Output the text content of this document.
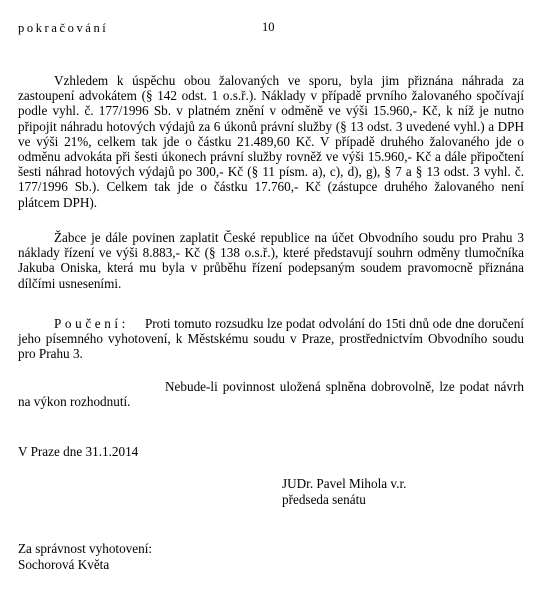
pokračování	10
Vzhledem k úspěchu obou žalovaných ve sporu, byla jim přiznána náhrada za zastoupení advokátem (§ 142 odst. 1 o.s.ř.). Náklady v případě prvního žalovaného spočívají podle vyhl. č. 177/1996 Sb. v platném znění v odměně ve výši 15.960,- Kč, k níž je nutno připojit náhradu hotových výdajů za 6 úkonů právní služby (§ 13 odst. 3 uvedené vyhl.) a DPH ve výši 21%, celkem tak jde o částku 21.489,60 Kč. V případě druhého žalovaného jde o odměnu advokáta při šesti úkonech právní služby rovněž ve výši 15.960,- Kč a dále připočtení šesti náhrad hotových výdajů po 300,- Kč (§ 11 písm. a), c), d), g), § 7 a § 13 odst. 3 vyhl. č. 177/1996 Sb.). Celkem tak jde o částku 17.760,- Kč (zástupce druhého žalovaného není plátcem DPH).
Žabce je dále povinen zaplatit České republice na účet Obvodního soudu pro Prahu 3 náklady řízení ve výši 8.883,- Kč (§ 138 o.s.ř.), které představují souhrn odměny tlumočníka Jakuba Oniska, která mu byla v průběhu řízení podepsaným soudem pravomocně přiznána dílčími usneseními.
Poučení: Proti tomuto rozsudku lze podat odvolání do 15ti dnů ode dne doručení jeho písemného vyhotovení, k Městskému soudu v Praze, prostřednictvím Obvodního soudu pro Prahu 3.
Nebude-li povinnost uložená splněna dobrovolně, lze podat návrh na výkon rozhodnutí.
V Praze dne 31.1.2014
JUDr. Pavel Mihola v.r.
předseda senátu
Za správnost vyhotovení:
Sochorová Květa
